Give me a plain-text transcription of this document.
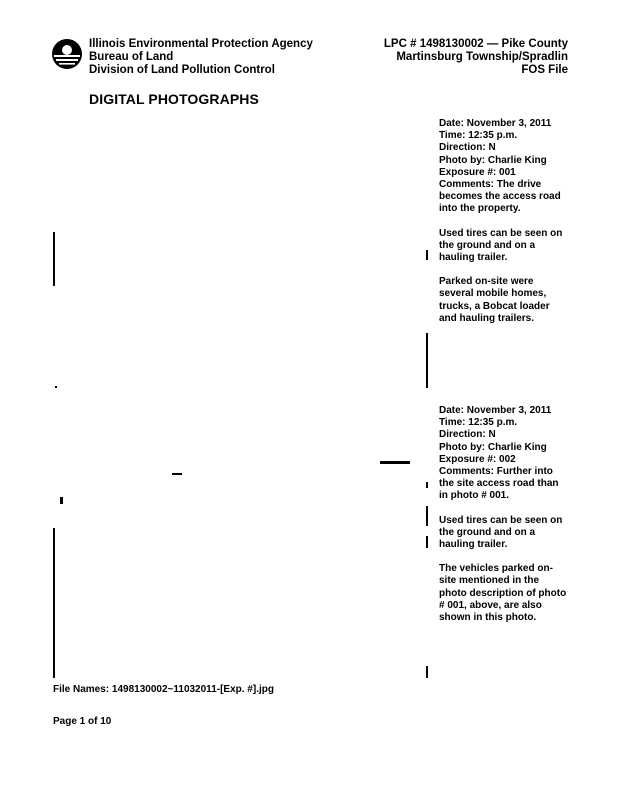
Illinois Environmental Protection Agency
Bureau of Land
Division of Land Pollution Control
LPC # 1498130002 — Pike County
Martinsburg Township/Spradlin
FOS File
DIGITAL PHOTOGRAPHS

Date: November 3, 2011

Time: 12:35 p.m.

Direction: N

Photo by: Charlie King

Exposure #: 001

Comments: The drive becomes the access road into the property.

Used tires can be seen on the ground and on a hauling trailer.

Parked on-site were several mobile homes, trucks, a Bobcat loader and hauling trailers.

Date: November 3, 2011

Time: 12:35 p.m.

Direction: N

Photo by: Charlie King

Exposure #: 002

Comments: Further into the site access road than in photo # 001.

Used tires can be seen on the ground and on a hauling trailer.

The vehicles parked on-site mentioned in the photo description of photo # 001, above, are also shown in this photo.

File Names: 1498130002~11032011-[Exp. #].jpg
Page 1 of 10
